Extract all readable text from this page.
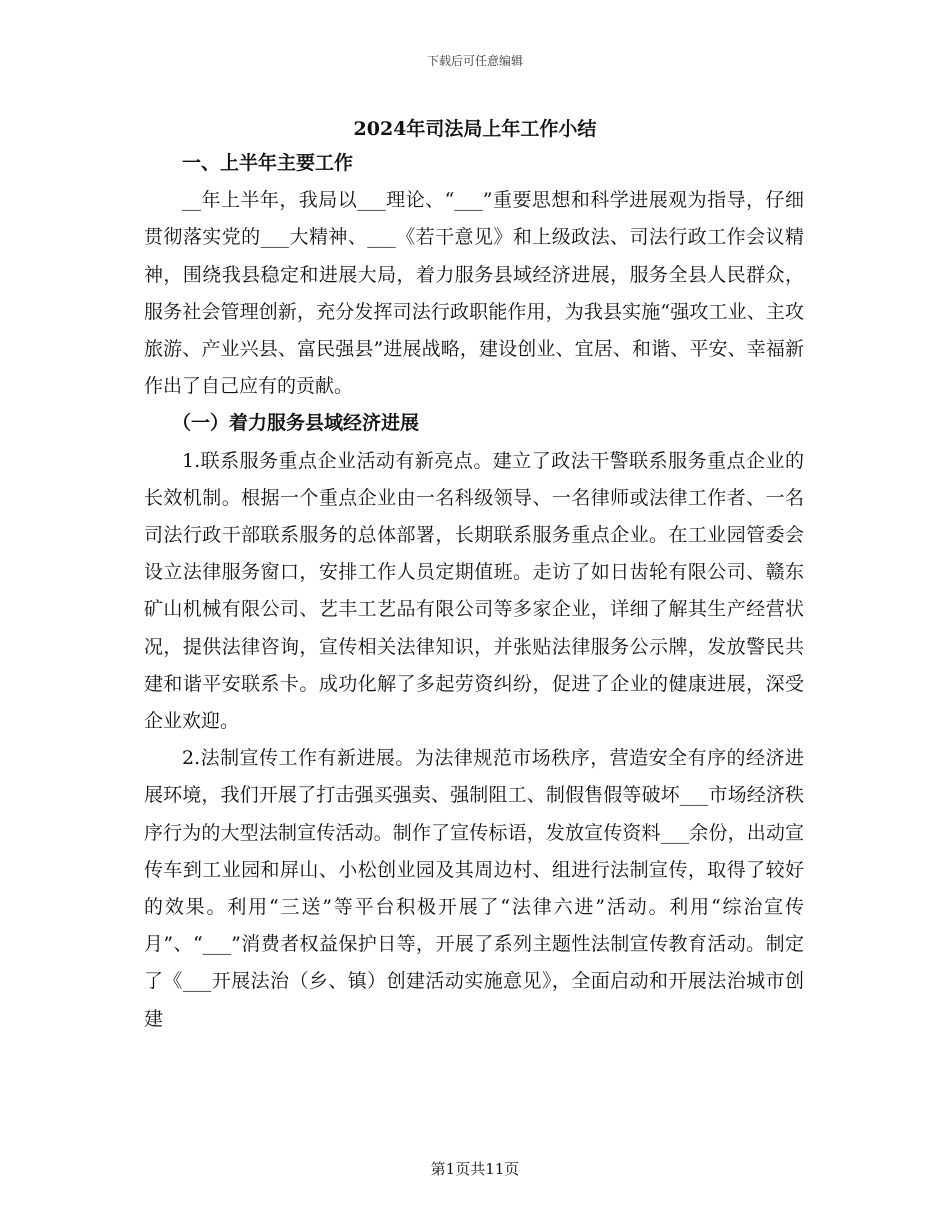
下载后可任意编辑
2024年司法局上年工作小结

一、上半年主要工作

__年上半年，我局以___理论、“___”重要思想和科学进展观为指导，仔细贯彻落实党的___大精神、___《若干意见》和上级政法、司法行政工作会议精神，围绕我县稳定和进展大局，着力服务县域经济进展，服务全县人民群众，服务社会管理创新，充分发挥司法行政职能作用，为我县实施“强攻工业、主攻旅游、产业兴县、富民强县”进展战略，建设创业、宜居、和谐、平安、幸福新作出了自己应有的贡献。

（一）着力服务县域经济进展

1.联系服务重点企业活动有新亮点。建立了政法干警联系服务重点企业的长效机制。根据一个重点企业由一名科级领导、一名律师或法律工作者、一名司法行政干部联系服务的总体部署，长期联系服务重点企业。在工业园管委会设立法律服务窗口，安排工作人员定期值班。走访了如日齿轮有限公司、赣东矿山机械有限公司、艺丰工艺品有限公司等多家企业，详细了解其生产经营状况，提供法律咨询，宣传相关法律知识，并张贴法律服务公示牌，发放警民共建和谐平安联系卡。成功化解了多起劳资纠纷，促进了企业的健康进展，深受企业欢迎。

2.法制宣传工作有新进展。为法律规范市场秩序，营造安全有序的经济进展环境，我们开展了打击强买强卖、强制阻工、制假售假等破坏___市场经济秩序行为的大型法制宣传活动。制作了宣传标语，发放宣传资料___余份，出动宣传车到工业园和屏山、小松创业园及其周边村、组进行法制宣传，取得了较好的效果。利用“三送”等平台积极开展了“法律六进”活动。利用“综治宣传月”、“___”消费者权益保护日等，开展了系列主题性法制宣传教育活动。制定了《___开展法治（乡、镇）创建活动实施意见》，全面启动和开展法治城市创建

第1页共11页
